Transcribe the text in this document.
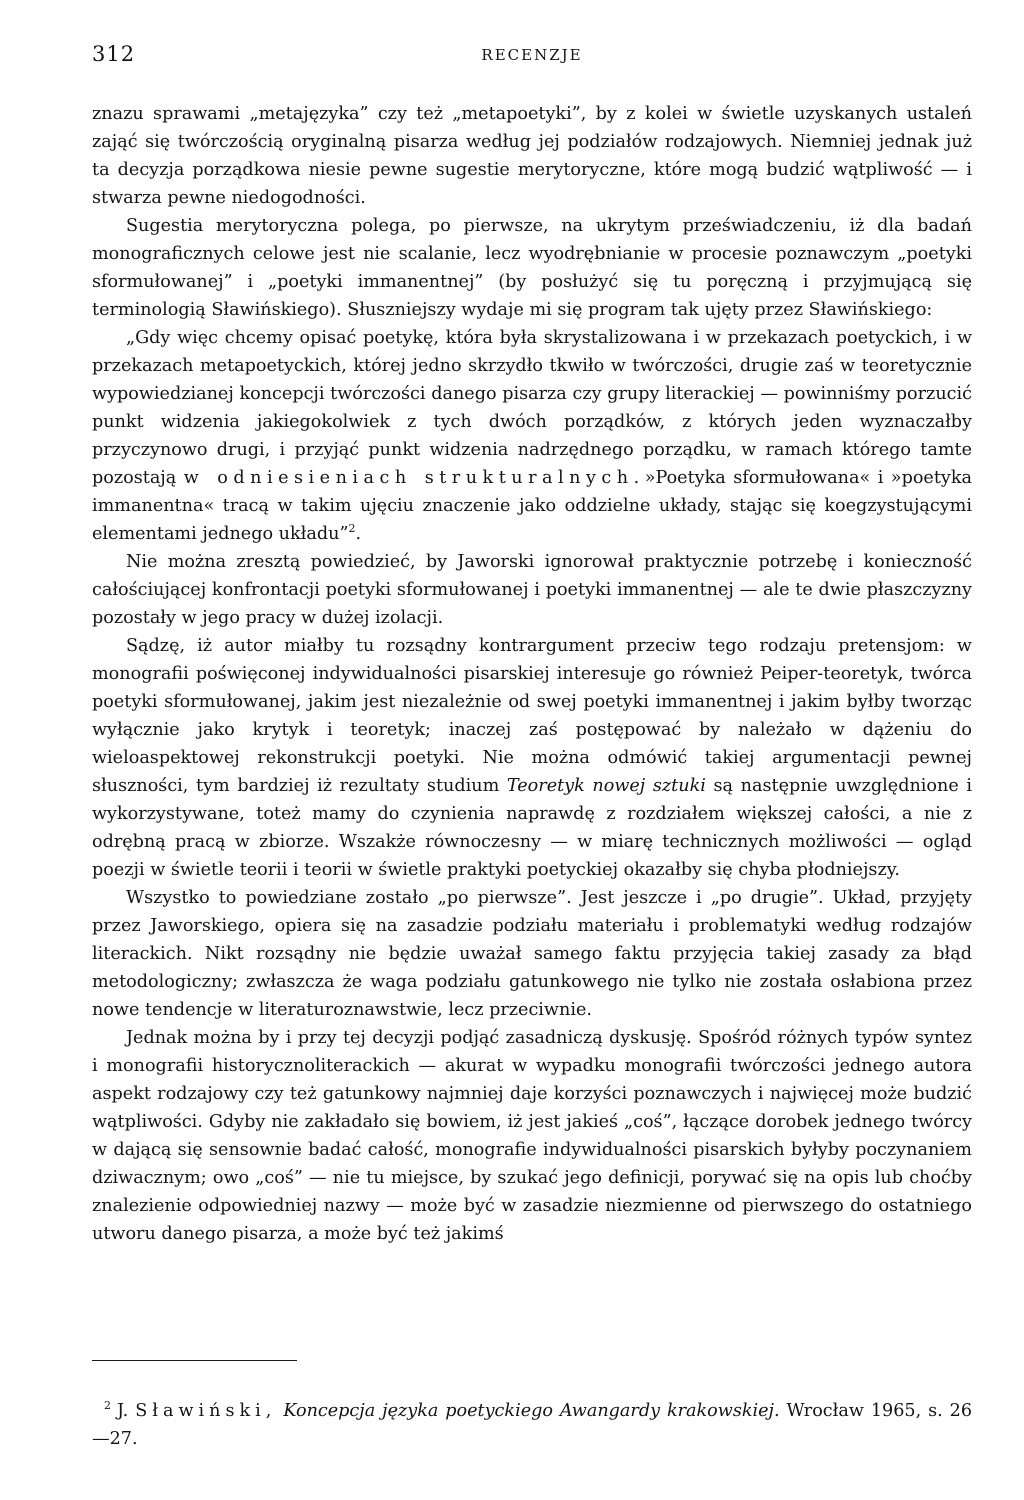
312	RECENZJE

znazu sprawami „metajęzyka” czy też „metapoetyki”, by z kolei w świetle uzyskanych ustaleń zająć się twórczością oryginalną pisarza według jej podziałów rodzajowych. Niemniej jednak już ta decyzja porządkowa niesie pewne sugestie merytoryczne, które mogą budzić wątpliwość — i stwarza pewne niedogodności.

Sugestia merytoryczna polega, po pierwsze, na ukrytym przeświadczeniu, iż dla badań monograficznych celowe jest nie scalanie, lecz wyodrębnianie w procesie poznawczym „poetyki sformułowanej” i „poetyki immanentnej” (by posłużyć się tu poręczną i przyjmującą się terminologią Sławińskiego). Słuszniejszy wydaje mi się program tak ujęty przez Sławińskiego:

„Gdy więc chcemy opisać poetykę, która była skrystalizowana i w przekazach poetyckich, i w przekazach metapoetyckich, której jedno skrzydło tkwiło w twórczości, drugie zaś w teoretycznie wypowiedzianej koncepcji twórczości danego pisarza czy grupy literackiej — powinniśmy porzucić punkt widzenia jakiegokolwiek z tych dwóch porządków, z których jeden wyznaczałby przyczynowo drugi, i przyjąć punkt widzenia nadrzędnego porządku, w ramach którego tamte pozostają w odniesieniach strukturalnych.»Poetyka sformułowana« i »poetyka immanentna« tracą w takim ujęciu znaczenie jako oddzielne układy, stając się koegzystującymi elementami jednego układu”$^2$.

Nie można zresztą powiedzieć, by Jaworski ignorował praktycznie potrzebę i konieczność całościującej konfrontacji poetyki sformułowanej i poetyki immanentnej — ale te dwie płaszczyzny pozostały w jego pracy w dużej izolacji.

Sądzę, iż autor miałby tu rozsądny kontrargument przeciw tego rodzaju pretensjom: w monografii poświęconej indywidualności pisarskiej interesuje go również Peiper-teoretyk, twórca poetyki sformułowanej, jakim jest niezależnie od swej poetyki immanentnej i jakim byłby tworząc wyłącznie jako krytyk i teoretyk; inaczej zaś postępować by należało w dążeniu do wieloaspektowej rekonstrukcji poetyki. Nie można odmówić takiej argumentacji pewnej słuszności, tym bardziej iż rezultaty studium Teoretyk nowej sztuki są następnie uwzględnione i wykorzystywane, toteż mamy do czynienia naprawdę z rozdziałem większej całości, a nie z odrębną pracą w zbiorze. Wszakże równoczesny — w miarę technicznych możliwości — ogląd poezji w świetle teorii i teorii w świetle praktyki poetyckiej okazałby się chyba płodniejszy.

Wszystko to powiedziane zostało „po pierwsze”. Jest jeszcze i „po drugie”. Układ, przyjęty przez Jaworskiego, opiera się na zasadzie podziału materiału i problematyki według rodzajów literackich. Nikt rozsądny nie będzie uważał samego faktu przyjęcia takiej zasady za błąd metodologiczny; zwłaszcza że waga podziału gatunkowego nie tylko nie została osłabiona przez nowe tendencje w literaturoznawstwie, lecz przeciwnie.

Jednak można by i przy tej decyzji podjąć zasadniczą dyskusję. Spośród różnych typów syntez i monografii historycznoliterackich — akurat w wypadku monografii twórczości jednego autora aspekt rodzajowy czy też gatunkowy najmniej daje korzyści poznawczych i najwięcej może budzić wątpliwości. Gdyby nie zakładało się bowiem, iż jest jakieś „coś”, łączące dorobek jednego twórcy w dającą się sensownie badać całość, monografie indywidualności pisarskich byłyby poczynaniem dziwacznym; owo „coś” — nie tu miejsce, by szukać jego definicji, porywać się na opis lub choćby znalezienie odpowiedniej nazwy — może być w zasadzie niezmienne od pierwszego do ostatniego utworu danego pisarza, a może być też jakimś

$^2$ J. Sławiński, Koncepcja języka poetyckiego Awangardy krakowskiej. Wrocław 1965, s. 26—27.
